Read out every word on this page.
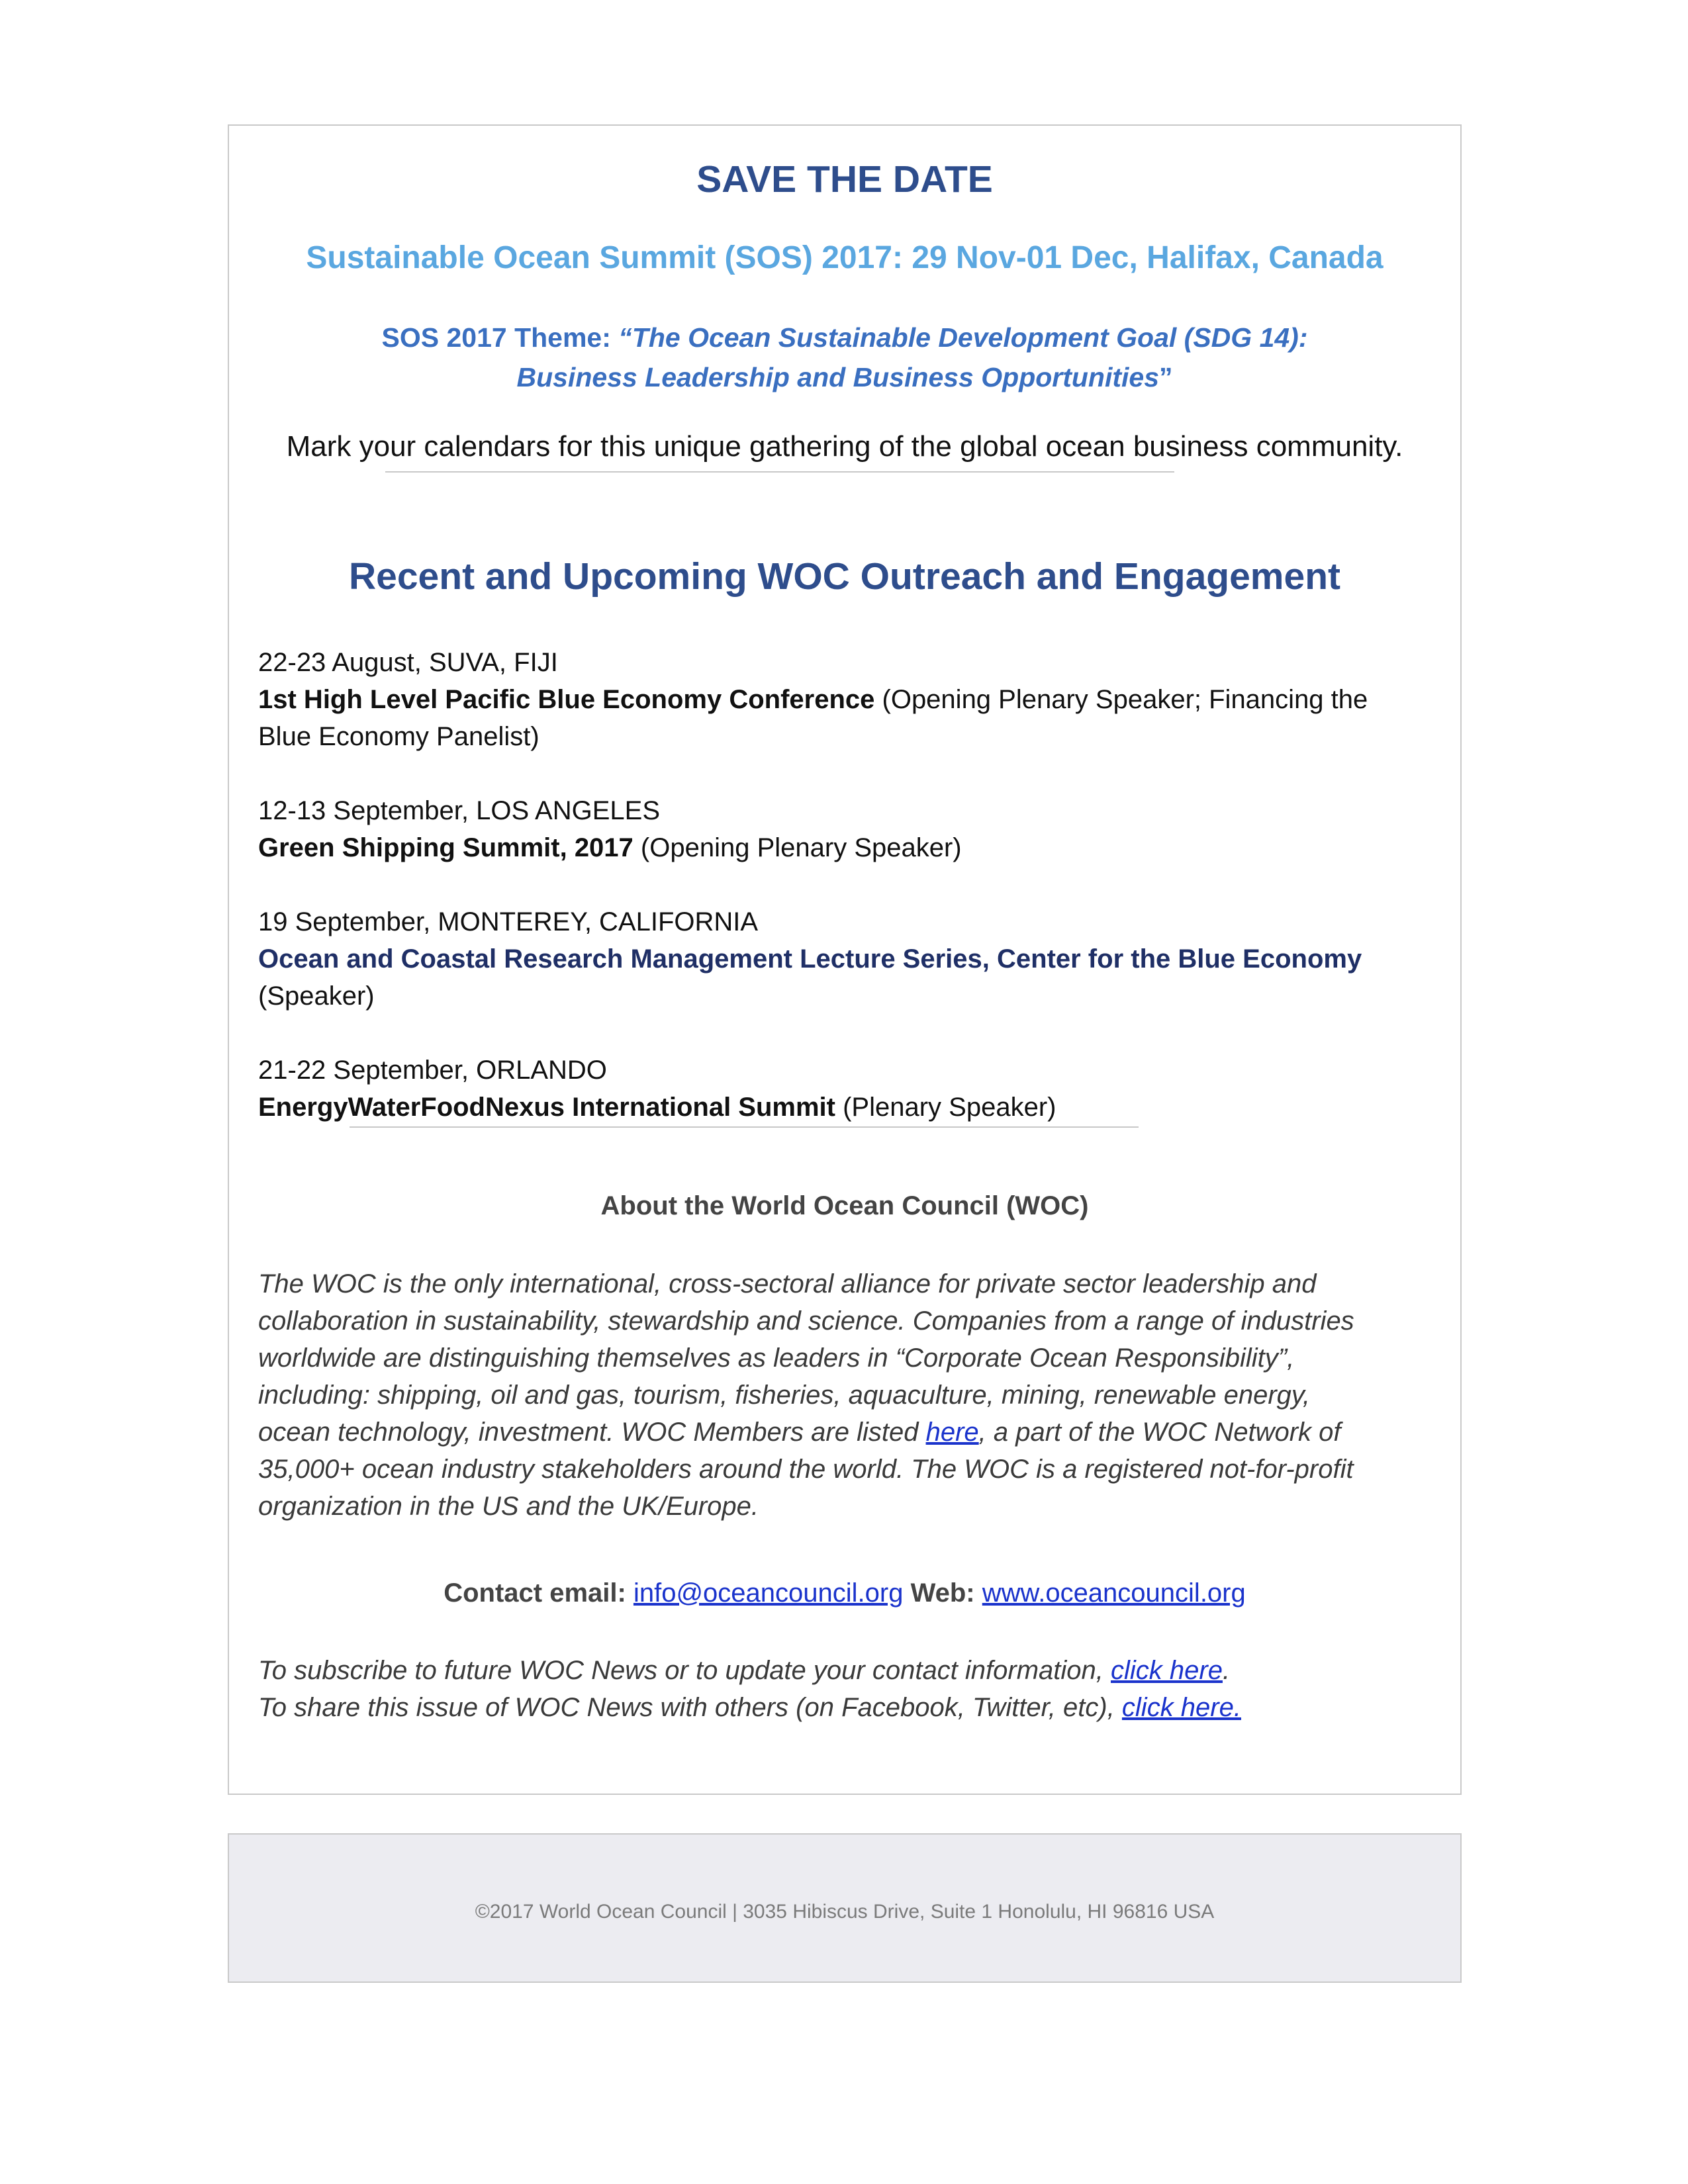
SAVE THE DATE
Sustainable Ocean Summit (SOS) 2017: 29 Nov-01 Dec, Halifax, Canada
SOS 2017 Theme: “The Ocean Sustainable Development Goal (SDG 14):
Business Leadership and Business Opportunities”
Mark your calendars for this unique gathering of the global ocean business community.
Recent and Upcoming WOC Outreach and Engagement
22-23 August, SUVA, FIJI
1st High Level Pacific Blue Economy Conference (Opening Plenary Speaker; Financing the Blue Economy Panelist)
12-13 September, LOS ANGELES
Green Shipping Summit, 2017 (Opening Plenary Speaker)
19 September, MONTEREY, CALIFORNIA
Ocean and Coastal Research Management Lecture Series, Center for the Blue Economy
(Speaker)
21-22 September, ORLANDO
EnergyWaterFoodNexus International Summit (Plenary Speaker)
About the World Ocean Council (WOC)
The WOC is the only international, cross-sectoral alliance for private sector leadership and collaboration in sustainability, stewardship and science. Companies from a range of industries worldwide are distinguishing themselves as leaders in “Corporate Ocean Responsibility”, including: shipping, oil and gas, tourism, fisheries, aquaculture, mining, renewable energy, ocean technology, investment. WOC Members are listed here, a part of the WOC Network of 35,000+ ocean industry stakeholders around the world. The WOC is a registered not-for-profit organization in the US and the UK/Europe.
Contact email: info@oceancouncil.org Web: www.oceancouncil.org
To subscribe to future WOC News or to update your contact information, click here.
To share this issue of WOC News with others (on Facebook, Twitter, etc), click here.
©2017 World Ocean Council | 3035 Hibiscus Drive, Suite 1 Honolulu, HI 96816 USA
